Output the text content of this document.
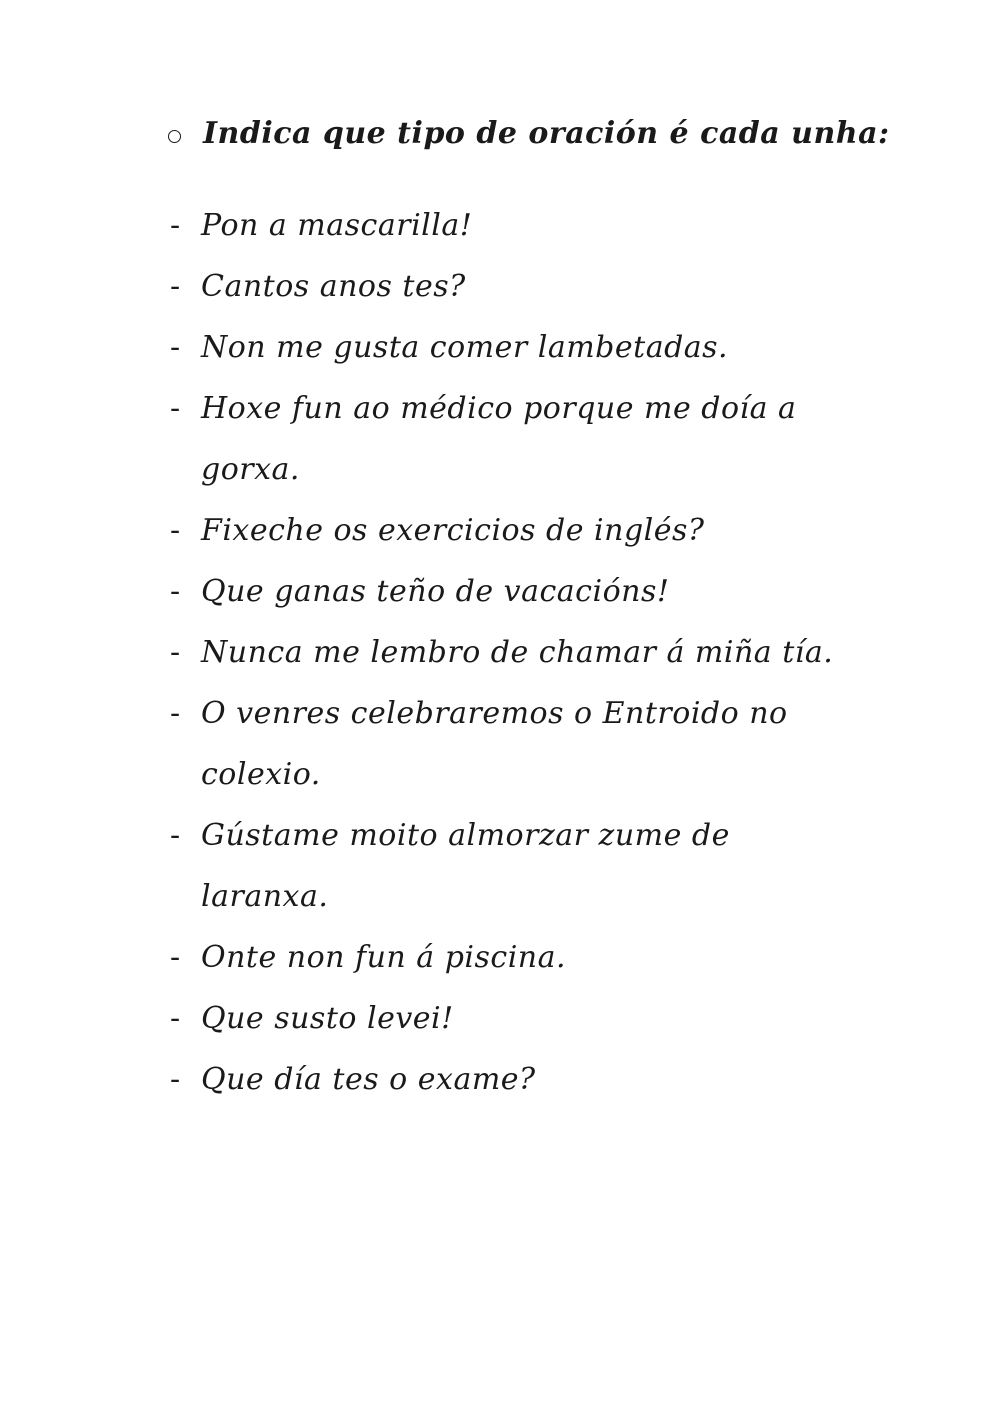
Indica que tipo de oración é cada unha:
- Pon a mascarilla!
- Cantos anos tes?
- Non me gusta comer lambetadas.
- Hoxe fun ao médico porque me doía a
gorxa.
- Fixeche os exercicios de inglés?
- Que ganas teño de vacacións!
- Nunca me lembro de chamar á miña tía.
- O venres celebraremos o Entroido no
colexio.
- Gústame moito almorzar zume de
laranxa.
- Onte non fun á piscina.
- Que susto levei!
- Que día tes o exame?
